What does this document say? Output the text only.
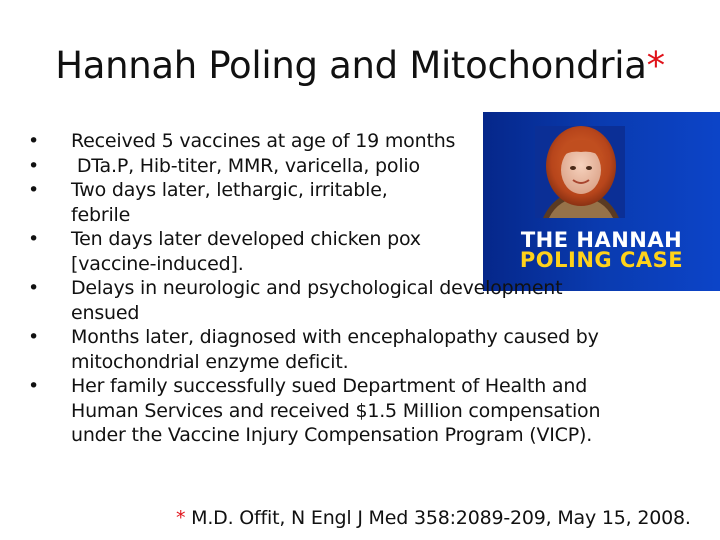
Hannah Poling and Mitochondria*
THE HANNAH
POLING CASE
• Received 5 vaccines at age of 19 months
• DTa.P, Hib-titer, MMR, varicella, polio
• Two days later, lethargic, irritable, febrile
Ten days later developed chicken pox [vaccine-induced].
•
• Delays in neurologic and psychological development ensued
• Months later, diagnosed with encephalopathy caused by mitochondrial enzyme deficit.
• Her family successfully sued Department of Health and Human Services and received $1.5 Million compensation under the Vaccine Injury Compensation Program (VICP).
* M.D. Offit, N Engl J Med 358:2089-209, May 15, 2008.
